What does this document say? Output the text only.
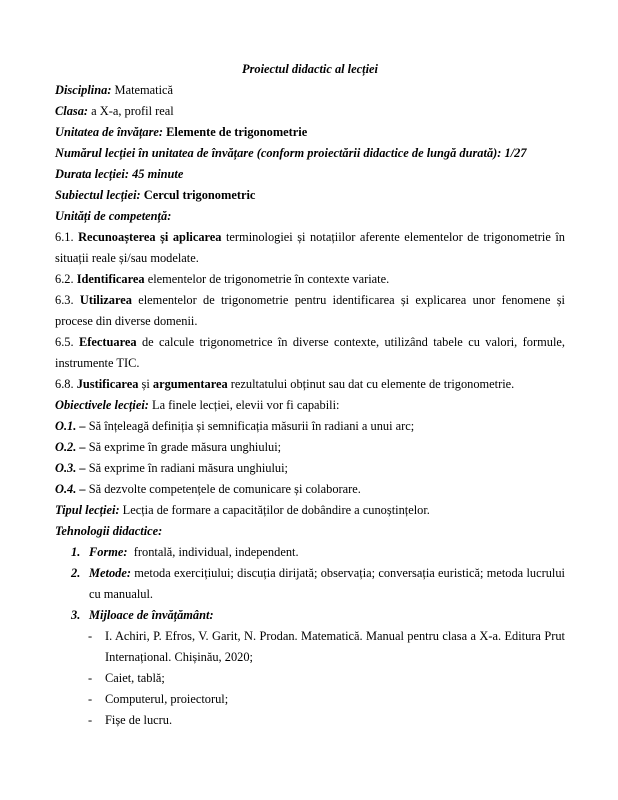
Proiectul didactic al lecției

Disciplina: Matematică

Clasa: a X-a, profil real

Unitatea de învățare: Elemente de trigonometrie

Numărul lecției în unitatea de învățare (conform proiectării didactice de lungă durată): 1/27

Durata lecției: 45 minute

Subiectul lecției: Cercul trigonometric

Unități de competență:

6.1. Recunoașterea și aplicarea terminologiei și notațiilor aferente elementelor de trigonometrie în situații reale și/sau modelate.

6.2. Identificarea elementelor de trigonometrie în contexte variate.

6.3. Utilizarea elementelor de trigonometrie pentru identificarea și explicarea unor fenomene și procese din diverse domenii.

6.5. Efectuarea de calcule trigonometrice în diverse contexte, utilizând tabele cu valori, formule, instrumente TIC.

6.8. Justificarea și argumentarea rezultatului obținut sau dat cu elemente de trigonometrie.

Obiectivele lecției: La finele lecției, elevii vor fi capabili:

O.1. – Să înțeleagă definiția și semnificația măsurii în radiani a unui arc;

O.2. – Să exprime în grade măsura unghiului;

O.3. – Să exprime în radiani măsura unghiului;

O.4. – Să dezvolte competențele de comunicare și colaborare.

Tipul lecției: Lecția de formare a capacităților de dobândire a cunoștințelor.

Tehnologii didactice:

1. Forme:  frontală, individual, independent.

2. Metode: metoda exercițiului; discuția dirijată; observația; conversația euristică; metoda lucrului cu manualul.

3. Mijloace de învățământ:

- I. Achiri, P. Efros, V. Garit, N. Prodan. Matematică. Manual pentru clasa a X-a. Editura Prut Internațional. Chișinău, 2020;

- Caiet, tablă;

- Computerul, proiectorul;

- Fișe de lucru.
